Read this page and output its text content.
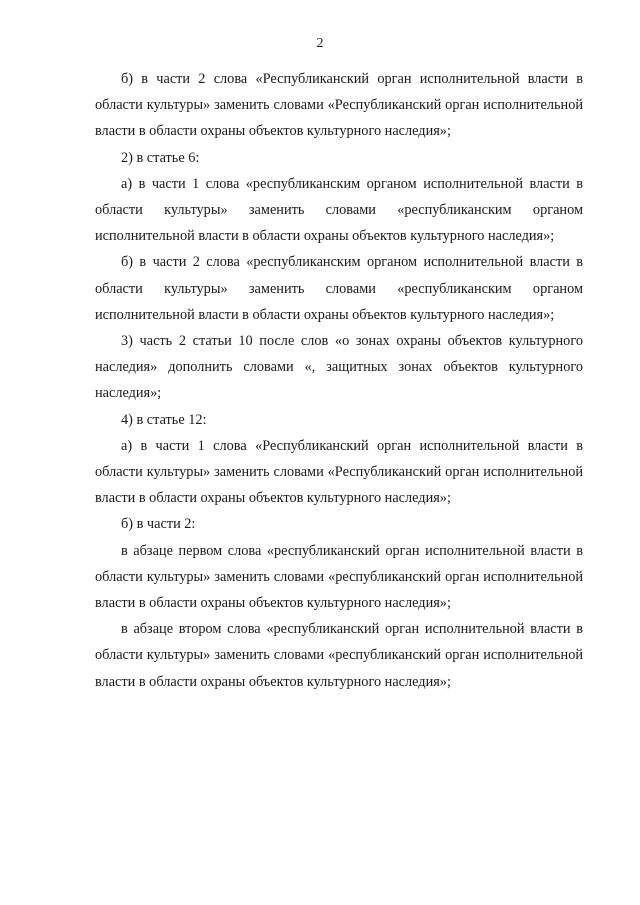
2

б) в части 2 слова «Республиканский орган исполнительной власти в области культуры» заменить словами «Республиканский орган исполнительной власти в области охраны объектов культурного наследия»;

2) в статье 6:

а) в части 1 слова «республиканским органом исполнительной власти в области культуры» заменить словами «республиканским органом исполнительной власти в области охраны объектов культурного наследия»;

б) в части 2 слова «республиканским органом исполнительной власти в области культуры» заменить словами «республиканским органом исполнительной власти в области охраны объектов культурного наследия»;

3) часть 2 статьи 10 после слов «о зонах охраны объектов культурного наследия» дополнить словами «, защитных зонах объектов культурного наследия»;

4) в статье 12:

а) в части 1 слова «Республиканский орган исполнительной власти в области культуры» заменить словами «Республиканский орган исполнительной власти в области охраны объектов культурного наследия»;

б) в части 2:

в абзаце первом слова «республиканский орган исполнительной власти в области культуры» заменить словами «республиканский орган исполнительной власти в области охраны объектов культурного наследия»;

в абзаце втором слова «республиканский орган исполнительной власти в области культуры» заменить словами «республиканский орган исполнительной власти в области охраны объектов культурного наследия»;
